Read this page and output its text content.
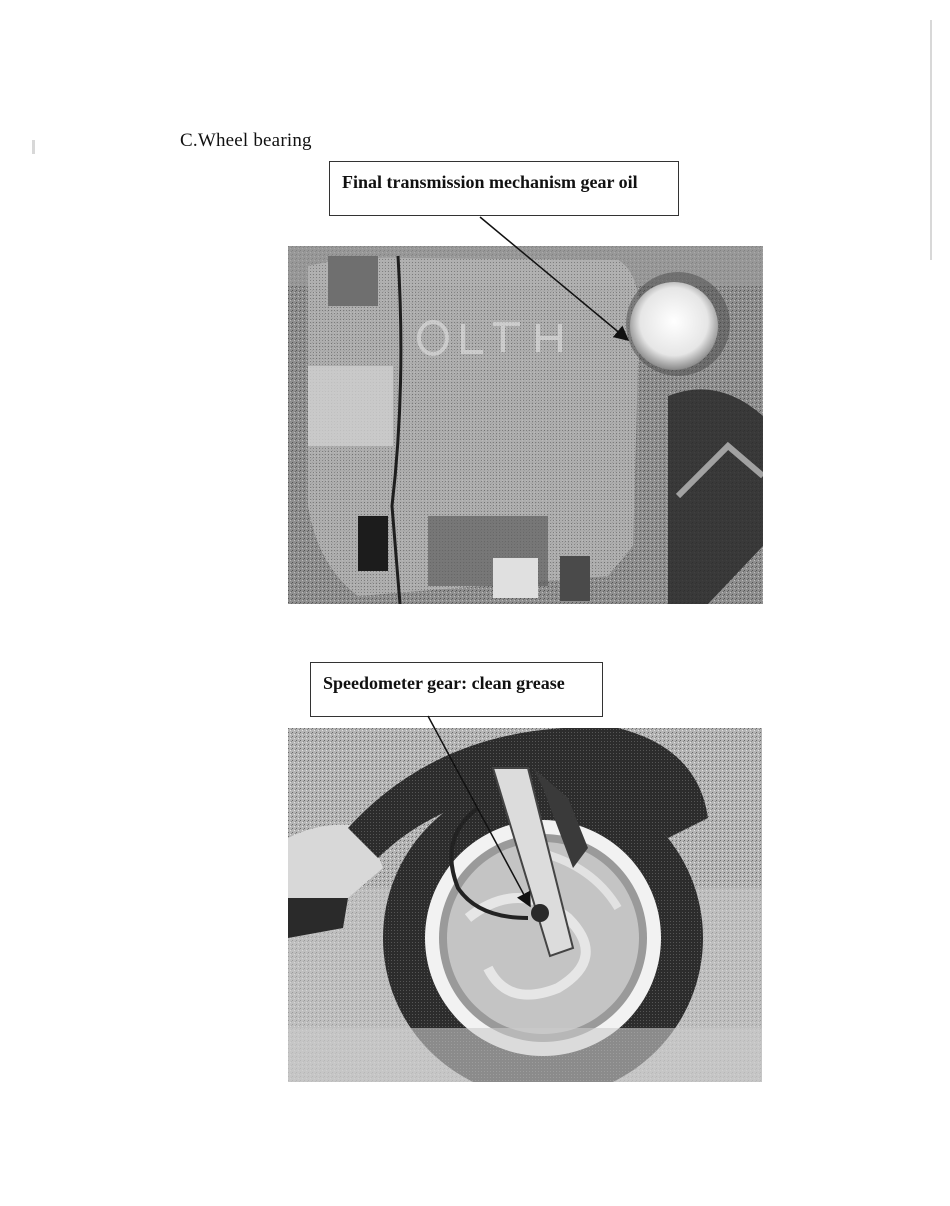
C.Wheel bearing
Final transmission mechanism gear oil
Speedometer gear: clean grease
